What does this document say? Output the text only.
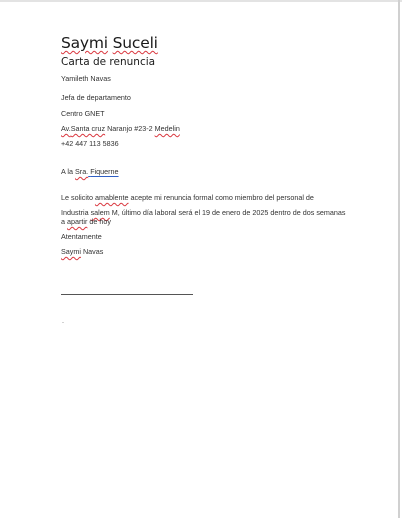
Saymi Suceli

Carta de renuncia

Yamileth Navas

Jefa de departamento

Centro GNET

Av.Santa cruz Naranjo #23-2 Medelin

+42 447 113 5836

A la Sra. Fiquerne

Le solicito amablente acepte mi renuncia formal como miembro del personal de

Industria salem M, último día laboral será el 19 de enero de 2025 dentro de dos semanas

a apartir de hoy

Atentamente

Saymi Navas

.
